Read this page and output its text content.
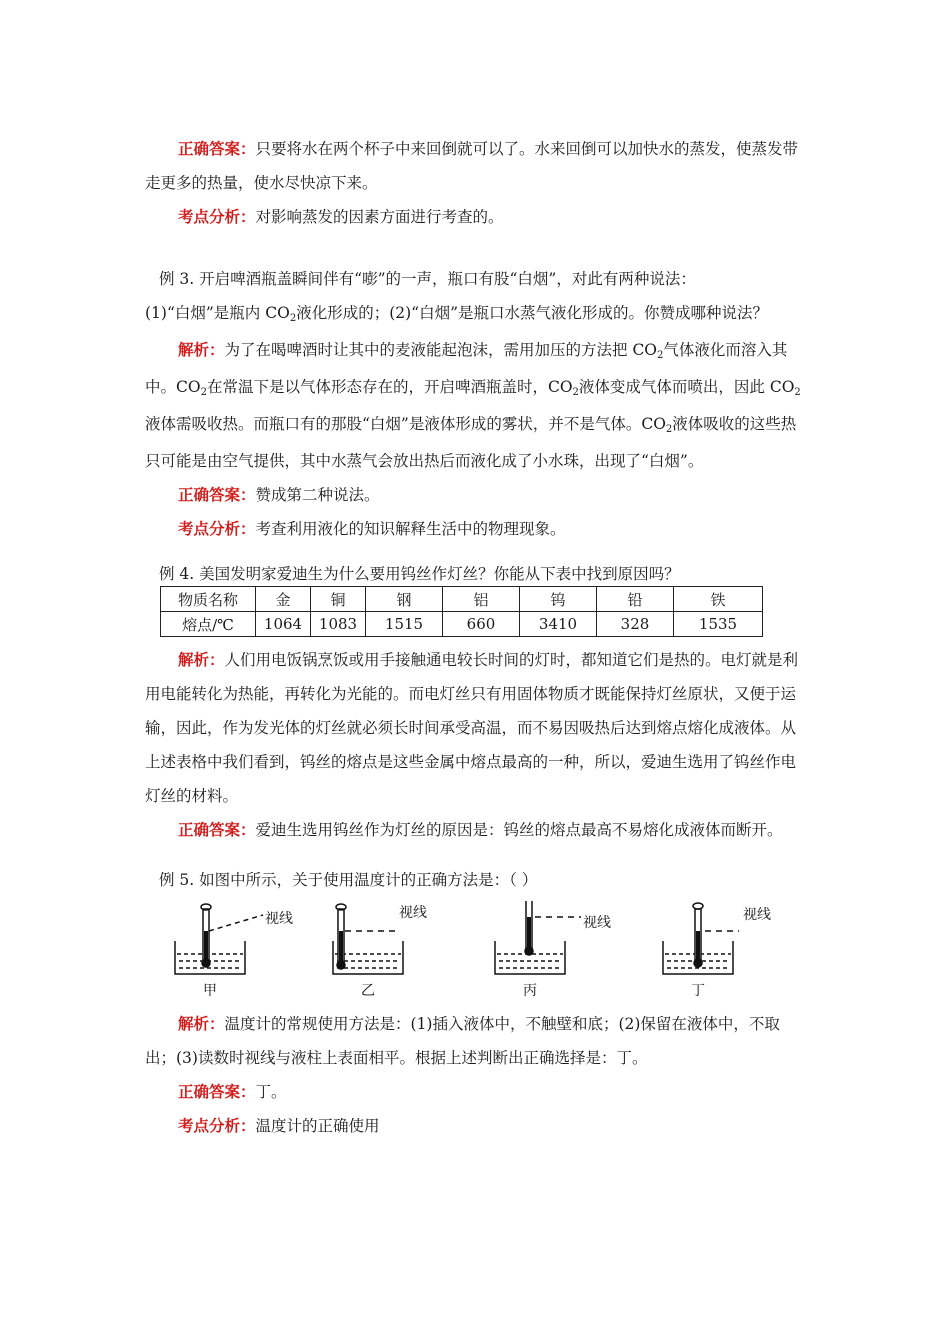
正确答案：只要将水在两个杯子中来回倒就可以了。水来回倒可以加快水的蒸发，使蒸发带走更多的热量，使水尽快凉下来。

考点分析：对影响蒸发的因素方面进行考查的。

例 3. 开启啤酒瓶盖瞬间伴有“嘭”的一声，瓶口有股“白烟”，对此有两种说法：
(1)“白烟”是瓶内 $CO_2$液化形成的；(2)“白烟”是瓶口水蒸气液化形成的。你赞成哪种说法？

解析：为了在喝啤酒时让其中的麦液能起泡沫，需用加压的方法把 $CO_2$气体液化而溶入其中。$CO_2$在常温下是以气体形态存在的，开启啤酒瓶盖时，$CO_2$液体变成气体而喷出，因此 $CO_2$液体需吸收热。而瓶口有的那股“白烟”是液体形成的雾状，并不是气体。$CO_2$液体吸收的这些热只可能是由空气提供，其中水蒸气会放出热后而液化成了小水珠，出现了“白烟”。

正确答案：赞成第二种说法。

考点分析：考查利用液化的知识解释生活中的物理现象。

例 4. 美国发明家爱迪生为什么要用钨丝作灯丝？你能从下表中找到原因吗？

物质名称	金	铜	钢	铝	钨	铅	铁
熔点/℃	1064	1083	1515	660	3410	328	1535

解析：人们用电饭锅烹饭或用手接触通电较长时间的灯时，都知道它们是热的。电灯就是利用电能转化为热能，再转化为光能的。而电灯丝只有用固体物质才既能保持灯丝原状，又便于运输，因此，作为发光体的灯丝就必须长时间承受高温，而不易因吸热后达到熔点熔化成液体。从上述表格中我们看到，钨丝的熔点是这些金属中熔点最高的一种，所以，爱迪生选用了钨丝作电灯丝的材料。

正确答案：爱迪生选用钨丝作为灯丝的原因是：钨丝的熔点最高不易熔化成液体而断开。

例 5. 如图中所示，关于使用温度计的正确方法是：（ ）

视线	视线
视线	视线
甲	乙	丙	丁

解析：温度计的常规使用方法是：(1)插入液体中，不触壁和底；(2)保留在液体中，不取出；(3)读数时视线与液柱上表面相平。根据上述判断出正确选择是：丁。

正确答案：丁。

考点分析：温度计的正确使用
